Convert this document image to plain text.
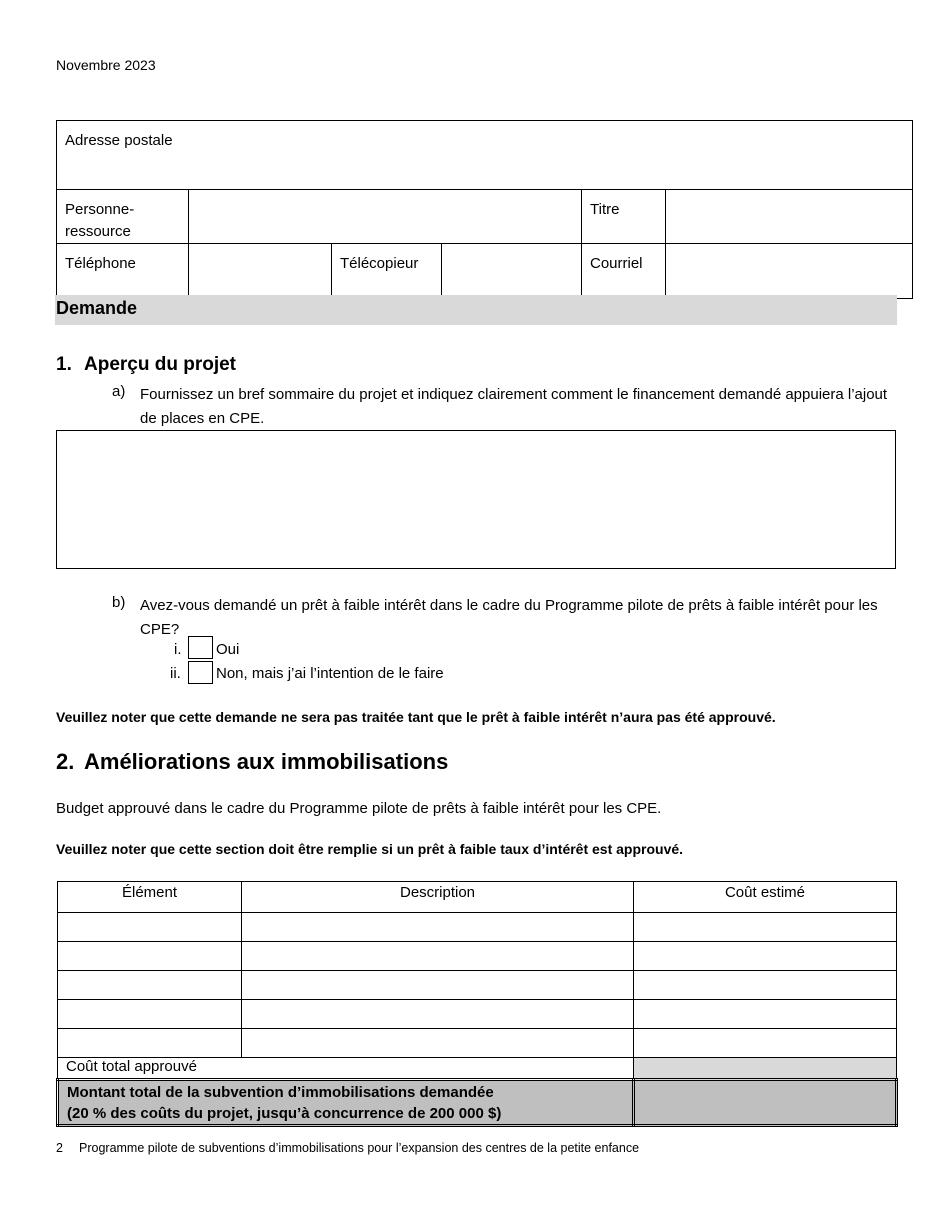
Novembre 2023
Adresse postale					
Personne-ressource				Titre	
Téléphone		Télécopieur		Courriel	
Demande
1. Aperçu du projet
a) Fournissez un bref sommaire du projet et indiquez clairement comment le financement demandé appuiera l’ajout de places en CPE.
b) Avez-vous demandé un prêt à faible intérêt dans le cadre du Programme pilote de prêts à faible intérêt pour les CPE?
i. Oui
ii. Non, mais j’ai l’intention de le faire
Veuillez noter que cette demande ne sera pas traitée tant que le prêt à faible intérêt n’aura pas été approuvé.
2. Améliorations aux immobilisations
Budget approuvé dans le cadre du Programme pilote de prêts à faible intérêt pour les CPE.
Veuillez noter que cette section doit être remplie si un prêt à faible taux d’intérêt est approuvé.
Élément	Description	Coût estimé

Coût total approuvé		

Montant total de la subvention d’immobilisations demandée
(20 % des coûts du projet, jusqu’à concurrence de 200 000 $)		

2 Programme pilote de subventions d’immobilisations pour l’expansion des centres de la petite enfance
